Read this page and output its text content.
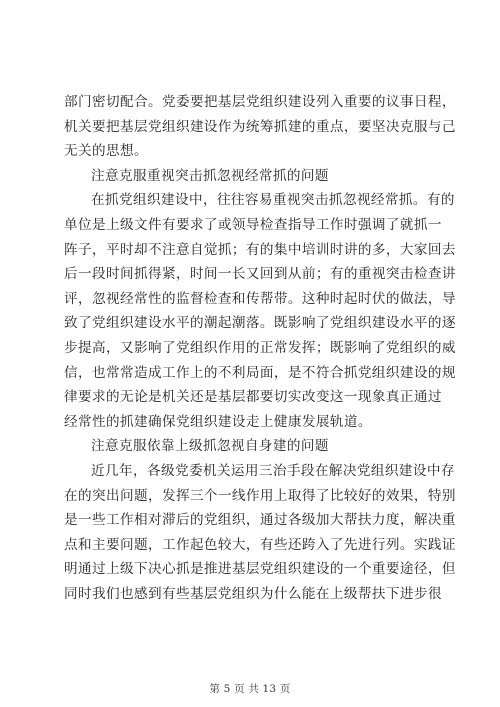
部门密切配合。党委要把基层党组织建设列入重要的议事日程，
机关要把基层党组织建设作为统筹抓建的重点，要坚决克服与己
无关的思想。
注意克服重视突击抓忽视经常抓的问题
在抓党组织建设中，往往容易重视突击抓忽视经常抓。有的
单位是上级文件有要求了或领导检查指导工作时强调了就抓一
阵子，平时却不注意自觉抓；有的集中培训时讲的多，大家回去
后一段时间抓得紧，时间一长又回到从前；有的重视突击检查讲
评，忽视经常性的监督检查和传帮带。这种时起时伏的做法，导
致了党组织建设水平的潮起潮落。既影响了党组织建设水平的逐
步提高，又影响了党组织作用的正常发挥；既影响了党组织的威
信，也常常造成工作上的不利局面，是不符合抓党组织建设的规
律要求的无论是机关还是基层都要切实改变这一现象真正通过
经常性的抓建确保党组织建设走上健康发展轨道。
注意克服依靠上级抓忽视自身建的问题
近几年，各级党委机关运用三治手段在解决党组织建设中存
在的突出问题，发挥三个一线作用上取得了比较好的效果，特别
是一些工作相对滞后的党组织，通过各级加大帮扶力度，解决重
点和主要问题，工作起色较大，有些还跨入了先进行列。实践证
明通过上级下决心抓是推进基层党组织建设的一个重要途径，但
同时我们也感到有些基层党组织为什么能在上级帮扶下进步很
第 5 页 共 13 页
